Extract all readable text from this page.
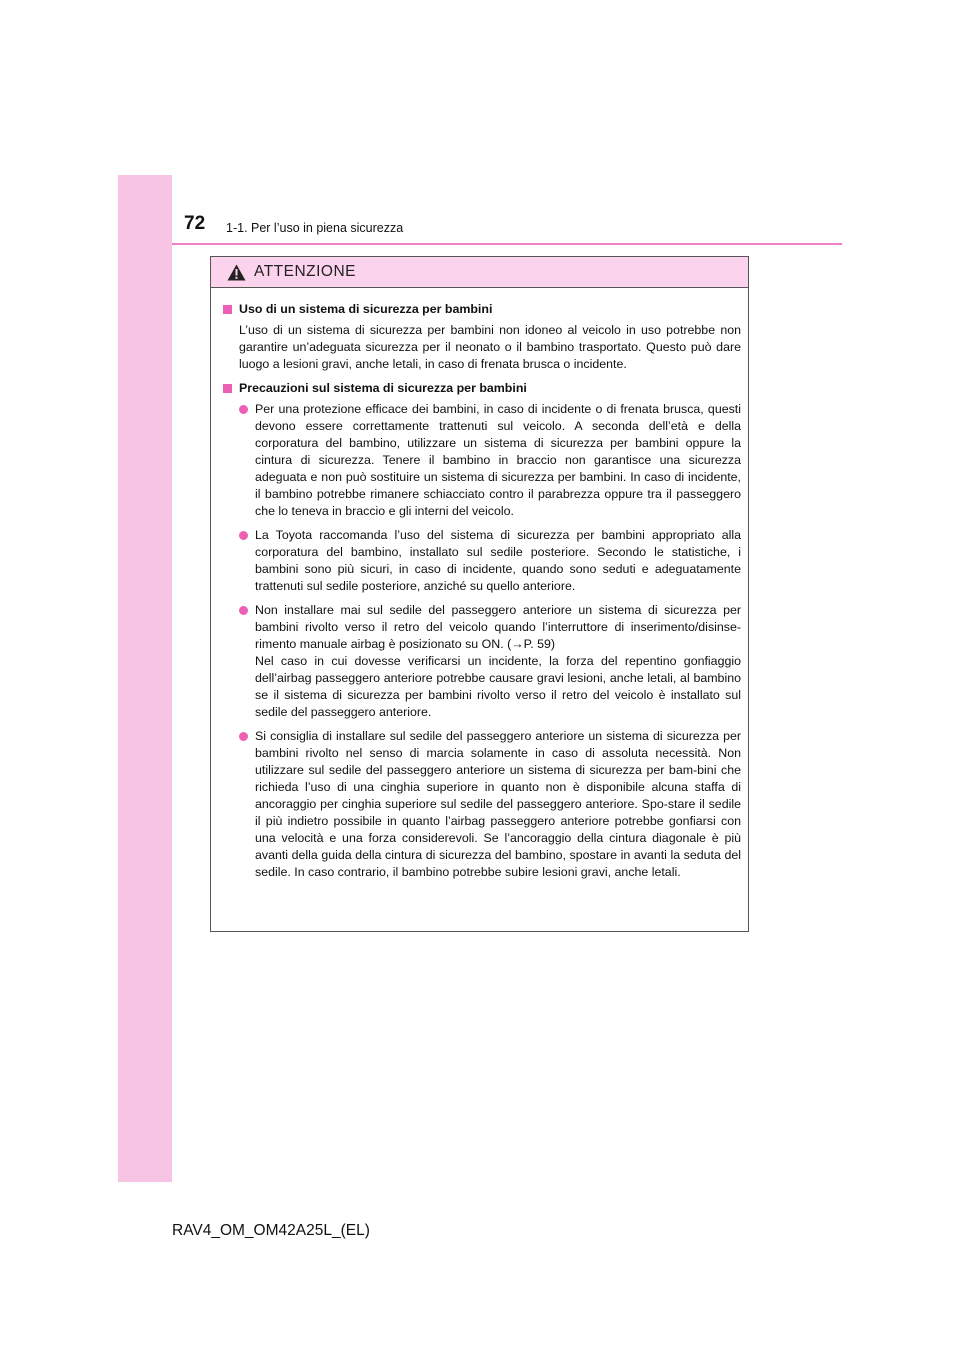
72 1-1. Per l’uso in piena sicurezza
ATTENZIONE
Uso di un sistema di sicurezza per bambini

L’uso di un sistema di sicurezza per bambini non idoneo al veicolo in uso potrebbe non garantire un’adeguata sicurezza per il neonato o il bambino trasportato. Questo può dare luogo a lesioni gravi, anche letali, in caso di frenata brusca o incidente.

Precauzioni sul sistema di sicurezza per bambini
Per una protezione efficace dei bambini, in caso di incidente o di frenata brusca, questi devono essere correttamente trattenuti sul veicolo. A seconda dell’età e della corporatura del bambino, utilizzare un sistema di sicurezza per bambini oppure la cintura di sicurezza. Tenere il bambino in braccio non garantisce una sicurezza adeguata e non può sostituire un sistema di sicurezza per bambini. In caso di incidente, il bambino potrebbe rimanere schiacciato contro il parabrezza oppure tra il passeggero che lo teneva in braccio e gli interni del veicolo.
La Toyota raccomanda l’uso del sistema di sicurezza per bambini appropriato alla corporatura del bambino, installato sul sedile posteriore. Secondo le statistiche, i bambini sono più sicuri, in caso di incidente, quando sono seduti e adeguatamente trattenuti sul sedile posteriore, anziché su quello anteriore.

Non installare mai sul sedile del passeggero anteriore un sistema di sicurezza per bambini rivolto verso il retro del veicolo quando l’interruttore di inserimento/disinse-rimento manuale airbag è posizionato su ON. (→P. 59)

Nel caso in cui dovesse verificarsi un incidente, la forza del repentino gonfiaggio dell’airbag passeggero anteriore potrebbe causare gravi lesioni, anche letali, al bambino se il sistema di sicurezza per bambini rivolto verso il retro del veicolo è installato sul sedile del passeggero anteriore.

Si consiglia di installare sul sedile del passeggero anteriore un sistema di sicurezza per bambini rivolto nel senso di marcia solamente in caso di assoluta necessità. Non utilizzare sul sedile del passeggero anteriore un sistema di sicurezza per bam-bini che richieda l’uso di una cinghia superiore in quanto non è disponibile alcuna staffa di ancoraggio per cinghia superiore sul sedile del passeggero anteriore. Spo-stare il sedile il più indietro possibile in quanto l’airbag passeggero anteriore potrebbe gonfiarsi con una velocità e una forza considerevoli. Se l’ancoraggio della cintura diagonale è più avanti della guida della cintura di sicurezza del bambino, spostare in avanti la seduta del sedile. In caso contrario, il bambino potrebbe subire lesioni gravi, anche letali.
RAV4_OM_OM42A25L_(EL)
